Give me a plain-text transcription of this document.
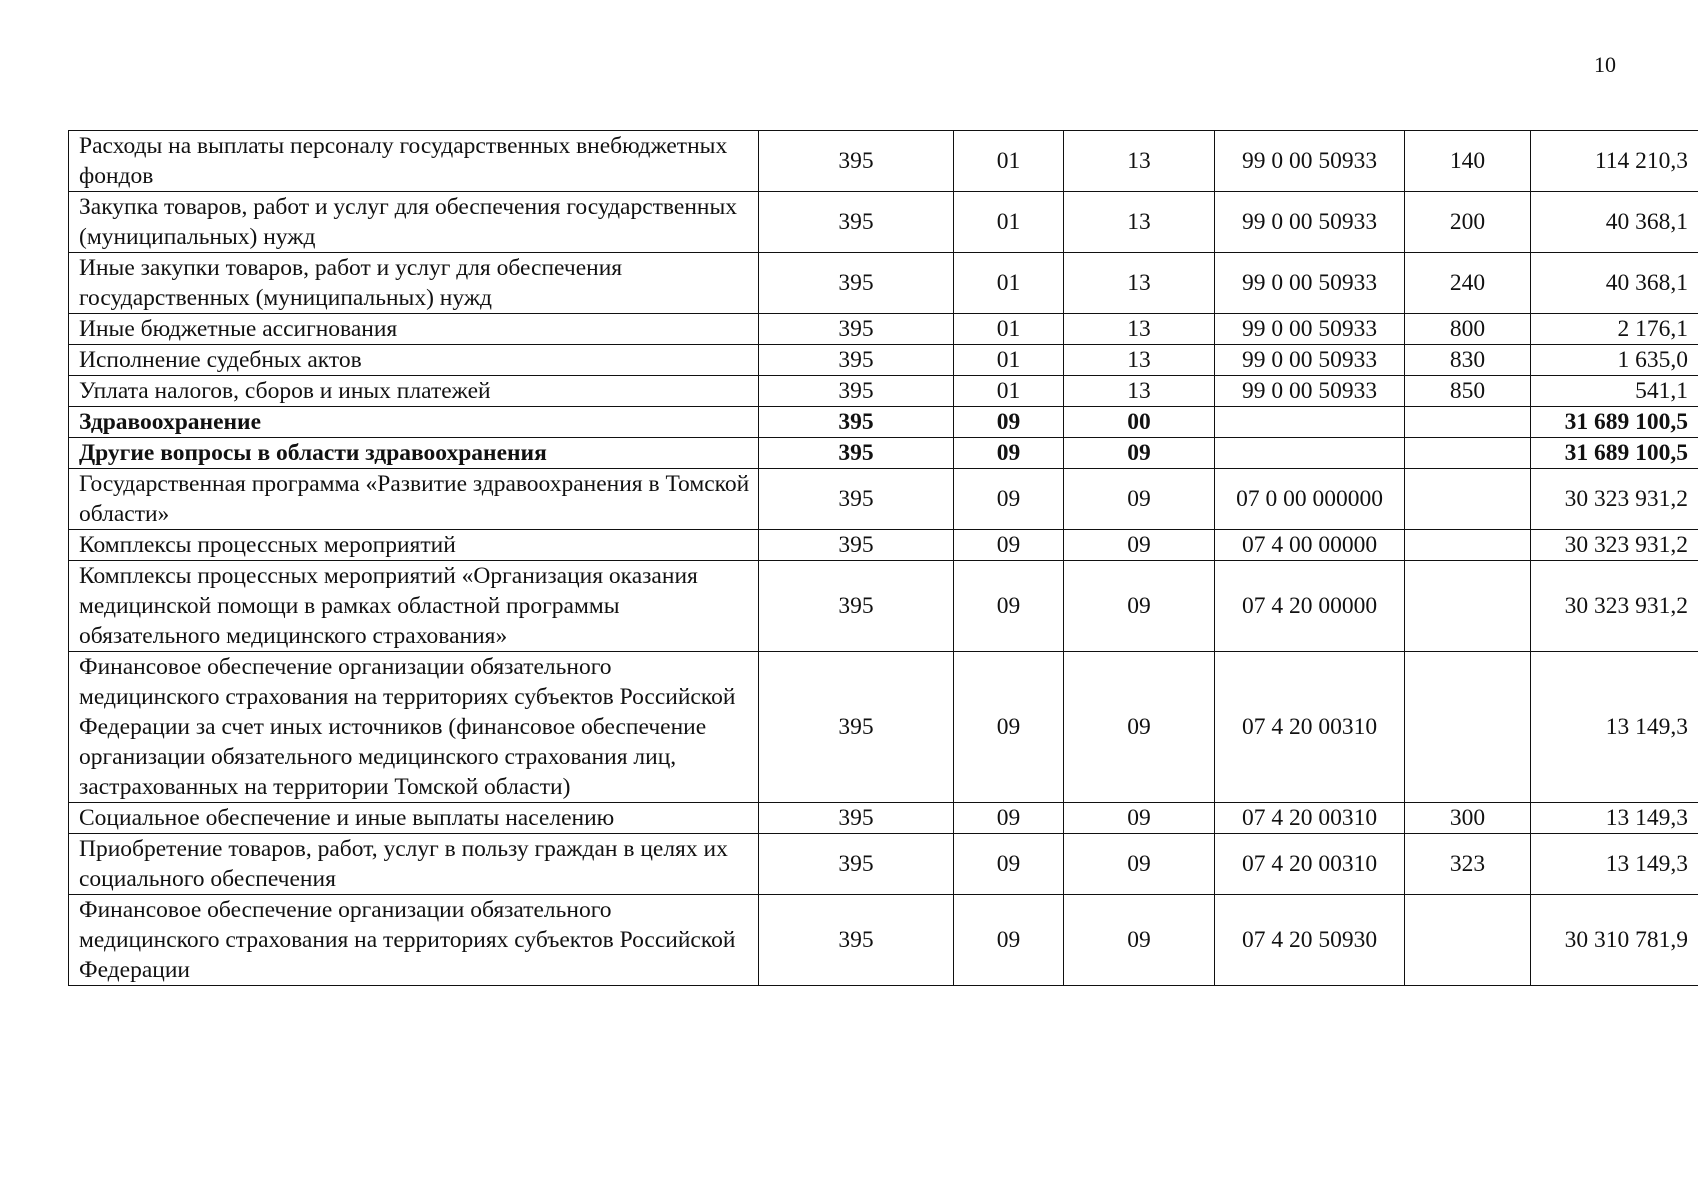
10
Расходы на выплаты персоналу государственных внебюджетных фондов	395	01	13	99 0 00 50933	140	114 210,3
Закупка товаров, работ и услуг для обеспечения государственных (муниципальных) нужд	395	01	13	99 0 00 50933	200	40 368,1
Иные закупки товаров, работ и услуг для обеспечения государственных (муниципальных) нужд	395	01	13	99 0 00 50933	240	40 368,1
Иные бюджетные ассигнования	395	01	13	99 0 00 50933	800	2 176,1
Исполнение судебных актов	395	01	13	99 0 00 50933	830	1 635,0
Уплата налогов, сборов и иных платежей	395	01	13	99 0 00 50933	850	541,1
Здравоохранение	395	09	00			31 689 100,5
Другие вопросы в области здравоохранения	395	09	09			31 689 100,5
Государственная программа «Развитие здравоохранения в Томской области»	395	09	09	07 0 00 000000		30 323 931,2
Комплексы процессных мероприятий	395	09	09	07 4 00 00000		30 323 931,2
Комплексы процессных мероприятий «Организация оказания медицинской помощи в рамках областной программы обязательного медицинского страхования»	395	09	09	07 4 20 00000		30 323 931,2
Финансовое обеспечение организации обязательного медицинского страхования на территориях субъектов Российской Федерации за счет иных источников (финансовое обеспечение организации обязательного медицинского страхования лиц, застрахованных на территории Томской области)	395	09	09	07 4 20 00310		13 149,3
Социальное обеспечение и иные выплаты населению	395	09	09	07 4 20 00310	300	13 149,3
Приобретение товаров, работ, услуг в пользу граждан в целях их социального обеспечения	395	09	09	07 4 20 00310	323	13 149,3
Финансовое обеспечение организации обязательного медицинского страхования на территориях субъектов Российской Федерации	395	09	09	07 4 20 50930		30 310 781,9
